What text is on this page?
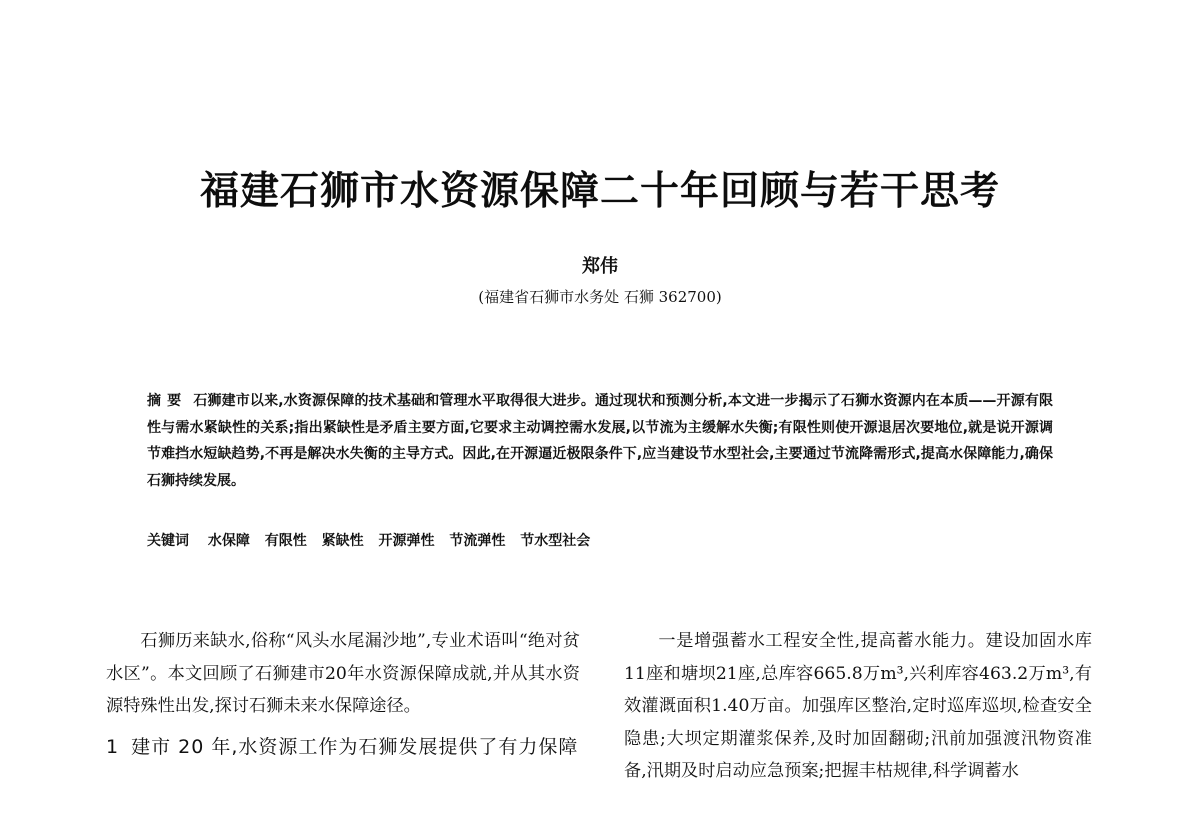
福建石狮市水资源保障二十年回顾与若干思考
郑伟
(福建省石狮市水务处 石狮 362700)
摘要 石狮建市以来,水资源保障的技术基础和管理水平取得很大进步。通过现状和预测分析,本文进一步揭示了石狮水资源内在本质——开源有限性与需水紧缺性的关系;指出紧缺性是矛盾主要方面,它要求主动调控需水发展,以节流为主缓解水失衡;有限性则使开源退居次要地位,就是说开源调节难挡水短缺趋势,不再是解决水失衡的主导方式。因此,在开源逼近极限条件下,应当建设节水型社会,主要通过节流降需形式,提高水保障能力,确保石狮持续发展。
关键词 水保障 有限性 紧缺性 开源弹性 节流弹性 节水型社会

石狮历来缺水,俗称“风头水尾漏沙地”,专业术语叫“绝对贫水区”。本文回顾了石狮建市20年水资源保障成就,并从其水资源特殊性出发,探讨石狮未来水保障途径。

1 建市 20 年,水资源工作为石狮发展提供了有力保障

一是增强蓄水工程安全性,提高蓄水能力。建设加固水库11座和塘坝21座,总库容665.8万m³,兴利库容463.2万m³,有效灌溉面积1.40万亩。加强库区整治,定时巡库巡坝,检查安全隐患;大坝定期灌浆保养,及时加固翻砌;汛前加强渡汛物资准备,汛期及时启动应急预案;把握丰枯规律,科学调蓄水
